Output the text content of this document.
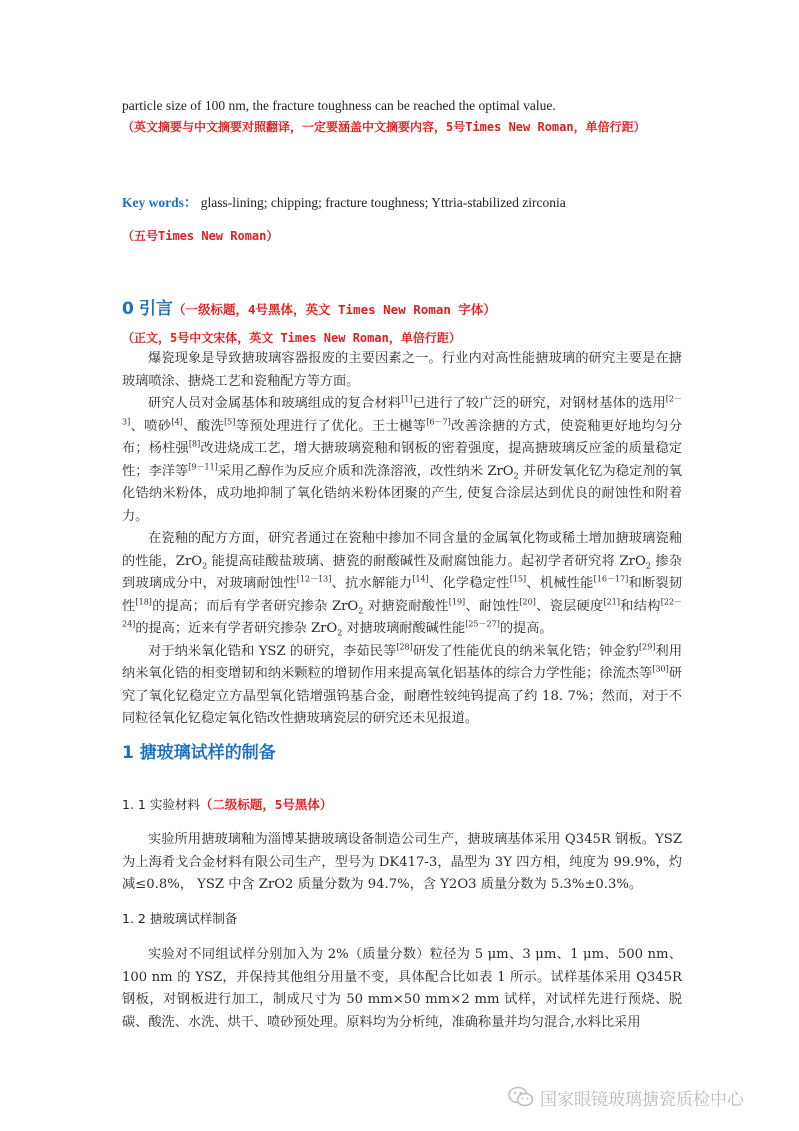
particle size of 100 nm, the fracture toughness can be reached the optimal value.
（英文摘要与中文摘要对照翻译，一定要涵盖中文摘要内容，5号Times New Roman，单倍行距）
Key words： glass-lining; chipping; fracture toughness; Yttria-stabilized zirconia
（五号Times New Roman）
0 引言（一级标题，4号黑体，英文 Times New Roman 字体）
（正文，5号中文宋体，英文 Times New Roman，单倍行距）

爆瓷现象是导致搪玻璃容器报废的主要因素之一。行业内对高性能搪玻璃的研究主要是在搪玻璃喷涂、搪烧工艺和瓷釉配方等方面。

研究人员对金属基体和玻璃组成的复合材料[1]已进行了较广泛的研究，对钢材基体的选用[2－3]、喷砂[4]、酸洗[5]等预处理进行了优化。王士樾等[6－7]改善涂搪的方式，使瓷釉更好地均匀分布；杨柱强[8]改进烧成工艺，增大搪玻璃瓷釉和钢板的密着强度，提高搪玻璃反应釜的质量稳定性；李洋等[9－11]采用乙醇作为反应介质和洗涤溶液，改性纳米 ZrO$_2$ 并研发氧化钇为稳定剂的氧化锆纳米粉体，成功地抑制了氧化锆纳米粉体团聚的产生, 使复合涂层达到优良的耐蚀性和附着力。

在瓷釉的配方方面，研究者通过在瓷釉中掺加不同含量的金属氧化物或稀土增加搪玻璃瓷釉的性能，ZrO$_2$ 能提高硅酸盐玻璃、搪瓷的耐酸碱性及耐腐蚀能力。起初学者研究将 ZrO$_2$ 掺杂到玻璃成分中，对玻璃耐蚀性[12－13]、抗水解能力[14]、化学稳定性[15]、机械性能[16－17]和断裂韧性[18]的提高；而后有学者研究掺杂 ZrO$_2$ 对搪瓷耐酸性[19]、耐蚀性[20]、瓷层硬度[21]和结构[22－24]的提高；近来有学者研究掺杂 ZrO$_2$ 对搪玻璃耐酸碱性能[25－27]的提高。

对于纳米氧化锆和 YSZ 的研究，李茹民等[28]研发了性能优良的纳米氧化锆；钟金豹[29]利用纳米氧化锆的相变增韧和纳米颗粒的增韧作用来提高氧化铝基体的综合力学性能；徐流杰等[30]研究了氧化钇稳定立方晶型氧化锆增强钨基合金，耐磨性较纯钨提高了约 18. 7%；然而，对于不同粒径氧化钇稳定氧化锆改性搪玻璃瓷层的研究还未见报道。

1 搪玻璃试样的制备
1. 1 实验材料（二级标题，5号黑体）

实验所用搪玻璃釉为淄博某搪玻璃设备制造公司生产，搪玻璃基体采用 Q345R 钢板。YSZ 为上海肴戈合金材料有限公司生产，型号为 DK417-3，晶型为 3Y 四方相，纯度为 99.9%，灼减≤0.8%， YSZ 中含 ZrO2 质量分数为 94.7%，含 Y2O3 质量分数为 5.3%±0.3%。

1. 2 搪玻璃试样制备

实验对不同组试样分别加入为 2%（质量分数）粒径为 5 μm、3 μm、1 μm、500 nm、100 nm 的 YSZ，并保持其他组分用量不变，具体配合比如表 1 所示。试样基体采用 Q345R 钢板，对钢板进行加工，制成尺寸为 50 mm×50 mm×2 mm 试样，对试样先进行预烧、脱碳、酸洗、水洗、烘干、喷砂预处理。原料均为分析纯，准确称量并均匀混合,水料比采用

国家眼镜玻璃搪瓷质检中心
